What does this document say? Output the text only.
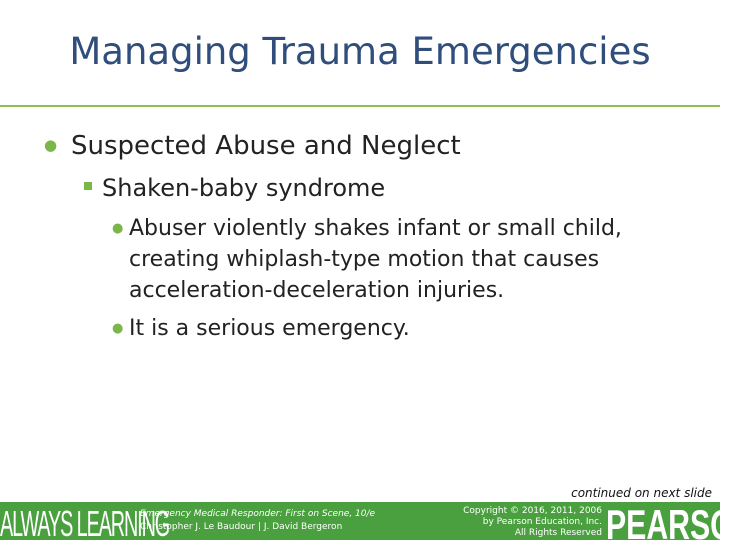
Managing Trauma Emergencies
● Suspected Abuse and Neglect
Shaken-baby syndrome
● Abuser violently shakes infant or small child, creating whiplash-type motion that causes acceleration-deceleration injuries.
● It is a serious emergency.
continued on next slide
ALWAYS LEARNING
Emergency Medical Responder: First on Scene, 10/e
Christopher J. Le Baudour | J. David Bergeron
Copyright © 2016, 2011, 2006
by Pearson Education, Inc.
All Rights Reserved PEARSON
